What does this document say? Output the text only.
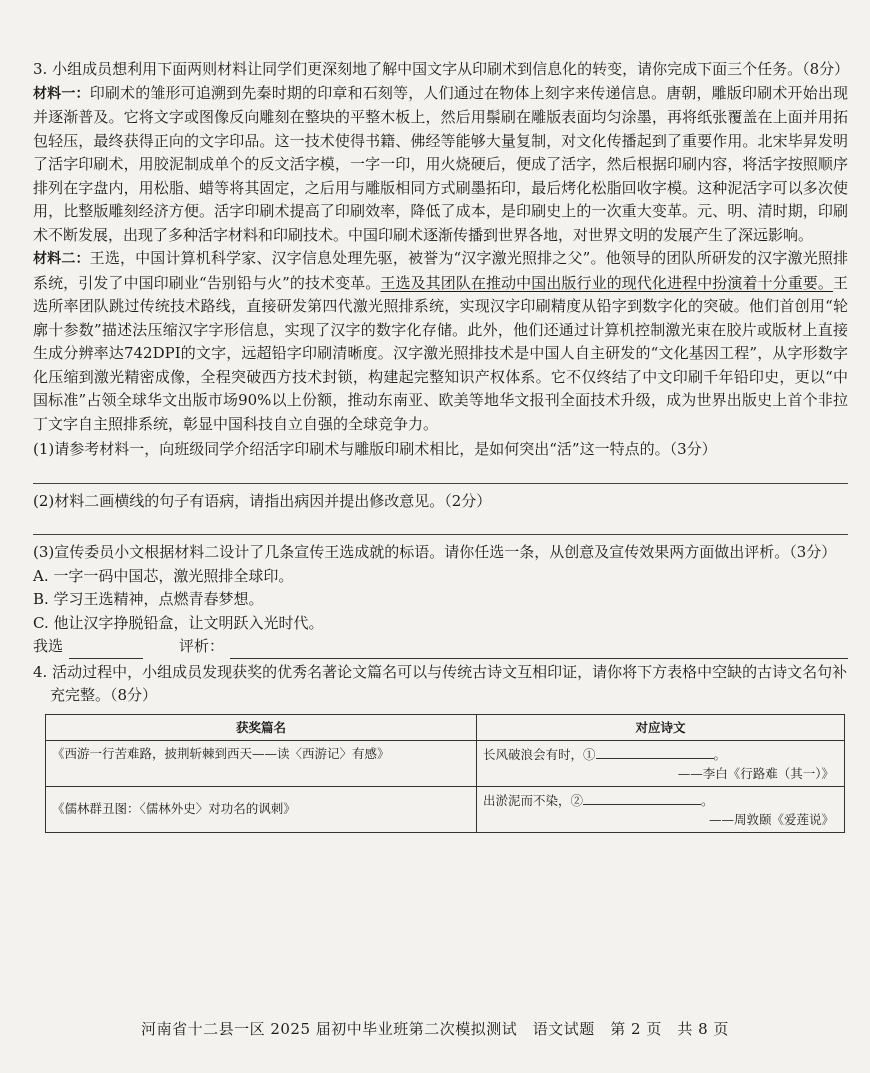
3. 小组成员想利用下面两则材料让同学们更深刻地了解中国文字从印刷术到信息化的转变，请你完成下面三个任务。（8分）

材料一：印刷术的雏形可追溯到先秦时期的印章和石刻等，人们通过在物体上刻字来传递信息。唐朝，雕版印刷术开始出现并逐渐普及。它将文字或图像反向雕刻在整块的平整木板上，然后用鬃刷在雕版表面均匀涂墨，再将纸张覆盖在上面并用拓包轻压，最终获得正向的文字印品。这一技术使得书籍、佛经等能够大量复制，对文化传播起到了重要作用。北宋毕昇发明了活字印刷术，用胶泥制成单个的反文活字模，一字一印，用火烧硬后，便成了活字，然后根据印刷内容，将活字按照顺序排列在字盘内，用松脂、蜡等将其固定，之后用与雕版相同方式刷墨拓印，最后烤化松脂回收字模。这种泥活字可以多次使用，比整版雕刻经济方便。活字印刷术提高了印刷效率，降低了成本，是印刷史上的一次重大变革。元、明、清时期，印刷术不断发展，出现了多种活字材料和印刷技术。中国印刷术逐渐传播到世界各地，对世界文明的发展产生了深远影响。

材料二：王选，中国计算机科学家、汉字信息处理先驱，被誉为“汉字激光照排之父”。他领导的团队所研发的汉字激光照排系统，引发了中国印刷业“告别铅与火”的技术变革。王选及其团队在推动中国出版行业的现代化进程中扮演着十分重要。王选所率团队跳过传统技术路线，直接研发第四代激光照排系统，实现汉字印刷精度从铅字到数字化的突破。他们首创用“轮廓十参数”描述法压缩汉字字形信息，实现了汉字的数字化存储。此外，他们还通过计算机控制激光束在胶片或版材上直接生成分辨率达742DPI的文字，远超铅字印刷清晰度。汉字激光照排技术是中国人自主研发的“文化基因工程”，从字形数字化压缩到激光精密成像，全程突破西方技术封锁，构建起完整知识产权体系。它不仅终结了中文印刷千年铅印史，更以“中国标准”占领全球华文出版市场90%以上份额，推动东南亚、欧美等地华文报刊全面技术升级，成为世界出版史上首个非拉丁文字自主照排系统，彰显中国科技自立自强的全球竞争力。

(1)请参考材料一，向班级同学介绍活字印刷术与雕版印刷术相比，是如何突出“活”这一特点的。（3分）

(2)材料二画横线的句子有语病，请指出病因并提出修改意见。（2分）

(3)宣传委员小文根据材料二设计了几条宣传王选成就的标语。请你任选一条，从创意及宣传效果两方面做出评析。（3分）

A. 一字一码中国芯，激光照排全球印。

B. 学习王选精神，点燃青春梦想。

C. 他让汉字挣脱铅盒，让文明跃入光时代。

我选	评析：

4. 活动过程中，小组成员发现获奖的优秀名著论文篇名可以与传统古诗文互相印证，请你将下方表格中空缺的古诗文名句补充完整。（8分）

获奖篇名	对应诗文
《西游一行苦难路，披荆斩棘到西天——读〈西游记〉有感》	长风破浪会有时，① 。
——李白《行路难（其一）》

《儒林群丑图：〈儒林外史〉对功名的讽刺》	出淤泥而不染，② 。
——周敦颐《爱莲说》
河南省十二县一区 2025 届初中毕业班第二次模拟测试　语文试题　第 2 页　共 8 页
